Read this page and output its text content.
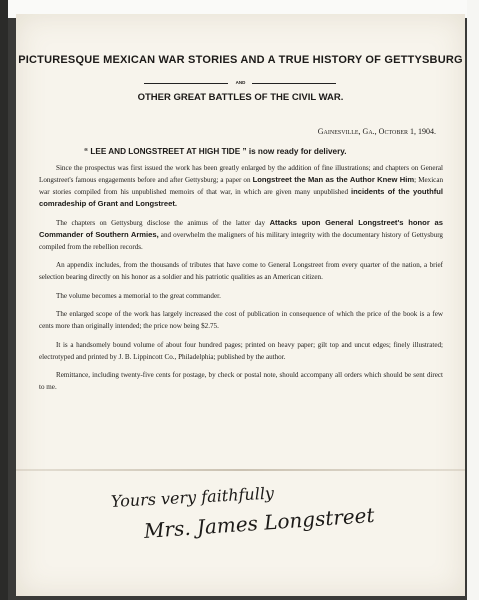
PICTURESQUE MEXICAN WAR STORIES AND A TRUE HISTORY OF GETTYSBURG
AND
OTHER GREAT BATTLES OF THE CIVIL WAR.
Gainesville, Ga., October 1, 1904.
“ LEE AND LONGSTREET AT HIGH TIDE ” is now ready for delivery.

Since the prospectus was first issued the work has been greatly enlarged by the addition of fine illustrations; and chapters on General Longstreet's famous engagements before and after Gettysburg; a paper on Longstreet the Man as the Author Knew Him; Mexican war stories compiled from his unpublished memoirs of that war, in which are given many unpublished incidents of the youthful comradeship of Grant and Longstreet.

The chapters on Gettysburg disclose the animus of the latter day Attacks upon General Longstreet's honor as Commander of Southern Armies, and overwhelm the maligners of his military integrity with the documentary history of Gettysburg compiled from the rebellion records.

An appendix includes, from the thousands of tributes that have come to General Longstreet from every quarter of the nation, a brief selection bearing directly on his honor as a soldier and his patriotic qualities as an American citizen.

The volume becomes a memorial to the great commander.

The enlarged scope of the work has largely increased the cost of publication in consequence of which the price of the book is a few cents more than originally intended; the price now being $2.75.

It is a handsomely bound volume of about four hundred pages; printed on heavy paper; gilt top and uncut edges; finely illustrated; electrotyped and printed by J. B. Lippincott Co., Philadelphia; published by the author.

Remittance, including twenty-five cents for postage, by check or postal note, should accompany all orders which should be sent direct to me.

Yours very faithfully
Mrs. James Longstreet
